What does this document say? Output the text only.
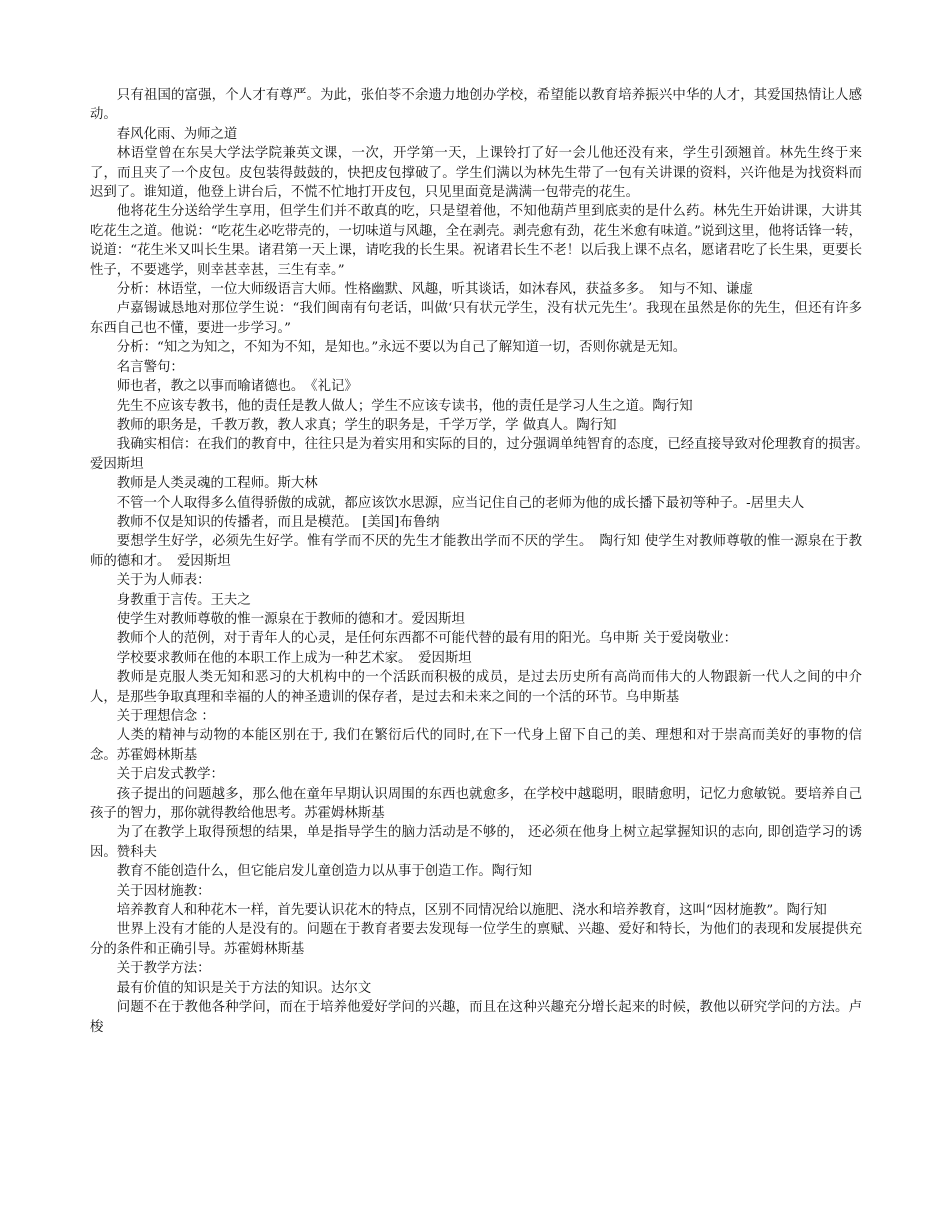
只有祖国的富强，个人才有尊严。为此，张伯苓不余遗力地创办学校，希望能以教育培养振兴中华的人才，其爱国热情让人感动。

春风化雨、为师之道

林语堂曾在东吴大学法学院兼英文课，一次，开学第一天，上课铃打了好一会儿他还没有来，学生引颈翘首。林先生终于来了，而且夹了一个皮包。皮包装得鼓鼓的，快把皮包撑破了。学生们满以为林先生带了一包有关讲课的资料，兴许他是为找资料而迟到了。谁知道，他登上讲台后，不慌不忙地打开皮包，只见里面竟是满满一包带壳的花生。

他将花生分送给学生享用，但学生们并不敢真的吃，只是望着他，不知他葫芦里到底卖的是什么药。林先生开始讲课，大讲其吃花生之道。他说：“吃花生必吃带壳的，一切味道与风趣，全在剥壳。剥壳愈有劲，花生米愈有味道。”说到这里，他将话锋一转，说道：“花生米又叫长生果。诸君第一天上课，请吃我的长生果。祝诸君长生不老！以后我上课不点名，愿诸君吃了长生果，更要长性子，不要逃学，则幸甚幸甚，三生有幸。”

分析：林语堂，一位大师级语言大师。性格幽默、风趣，听其谈话，如沐春风，获益多多。　知与不知、谦虚

卢嘉锡诚恳地对那位学生说：“我们闽南有句老话，叫做‘只有状元学生，没有状元先生’。我现在虽然是你的先生，但还有许多东西自己也不懂，要进一步学习。”

分析：“知之为知之，不知为不知，是知也。”永远不要以为自己了解知道一切，否则你就是无知。

名言警句：

师也者，教之以事而喻诸德也。　《礼记》

先生不应该专教书，他的责任是教人做人；学生不应该专读书，他的责任是学习人生之道。陶行知

教师的职务是，千教万教，教人求真；学生的职务是，千学万学，学 做真人。陶行知

我确实相信：在我们的教育中，往往只是为着实用和实际的目的，过分强调单纯智育的态度，已经直接导致对伦理教育的损害。　爱因斯坦

教师是人类灵魂的工程师。斯大林

不管一个人取得多么值得骄傲的成就，都应该饮水思源，应当记住自己的老师为他的成长播下最初等种子。-居里夫人

教师不仅是知识的传播者，而且是模范。 [美国]布鲁纳

要想学生好学，必须先生好学。惟有学而不厌的先生才能教出学而不厌的学生。　陶行知 使学生对教师尊敬的惟一源泉在于教师的德和才。　爱因斯坦

关于为人师表：

身教重于言传。王夫之

使学生对教师尊敬的惟一源泉在于教师的德和才。爱因斯坦

教师个人的范例，对于青年人的心灵，是任何东西都不可能代替的最有用的阳光。乌申斯 关于爱岗敬业：

学校要求教师在他的本职工作上成为一种艺术家。　爱因斯坦

教师是克服人类无知和恶习的大机构中的一个活跃而积极的成员，是过去历史所有高尚而伟大的人物跟新一代人之间的中介人，是那些争取真理和幸福的人的神圣遗训的保存者，是过去和未来之间的一个活的环节。乌申斯基

关于理想信念 ：

人类的精神与动物的本能区别在于, 我们在繁衍后代的同时,在下一代身上留下自己的美、理想和对于崇高而美好的事物的信念。苏霍姆林斯基

关于启发式教学：

孩子提出的问题越多，那么他在童年早期认识周围的东西也就愈多，在学校中越聪明，眼睛愈明，记忆力愈敏锐。要培养自己孩子的智力，那你就得教给他思考。苏霍姆林斯基

为了在教学上取得预想的结果，单是指导学生的脑力活动是不够的， 还必须在他身上树立起掌握知识的志向, 即创造学习的诱因。赞科夫

教育不能创造什么，但它能启发儿童创造力以从事于创造工作。陶行知

关于因材施教：

培养教育人和种花木一样，首先要认识花木的特点，区别不同情况给以施肥、浇水和培养教育，这叫“因材施教”。陶行知

世界上没有才能的人是没有的。问题在于教育者要去发现每一位学生的禀赋、兴趣、爱好和特长，为他们的表现和发展提供充分的条件和正确引导。苏霍姆林斯基

关于教学方法：

最有价值的知识是关于方法的知识。达尔文

问题不在于教他各种学问，而在于培养他爱好学问的兴趣，而且在这种兴趣充分增长起来的时候，教他以研究学问的方法。卢梭
